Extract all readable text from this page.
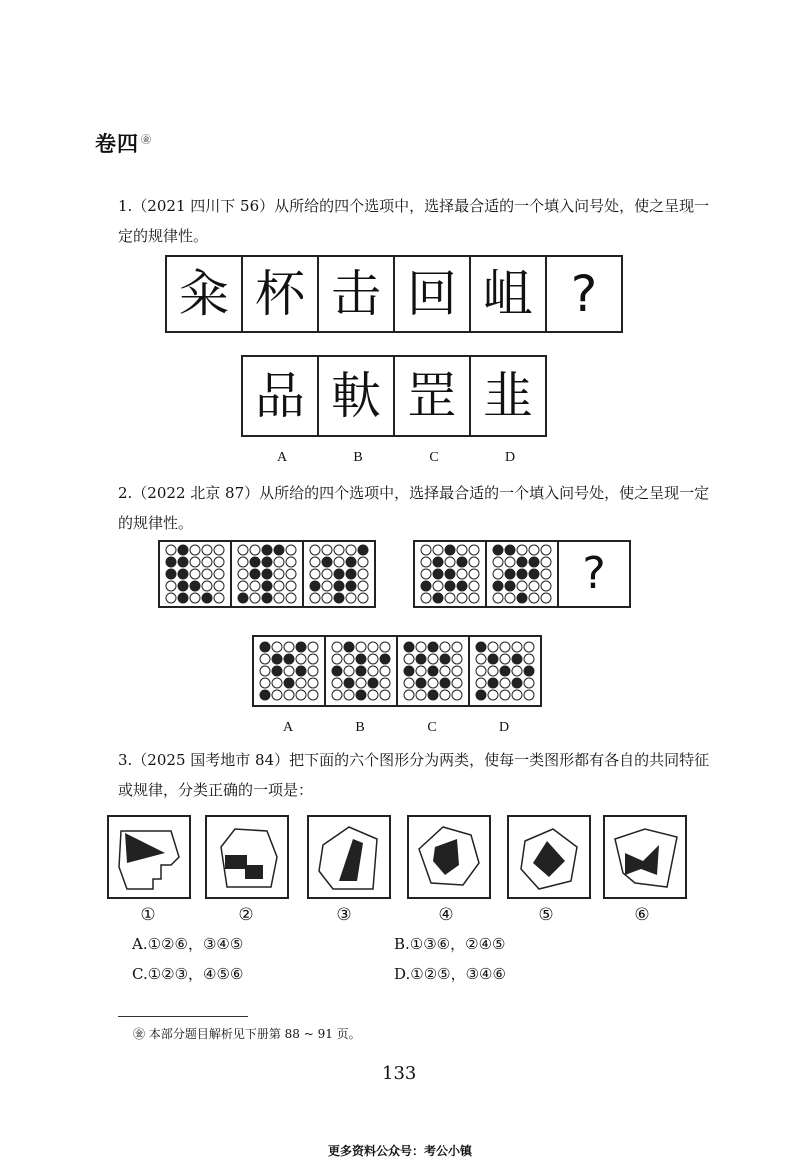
卷四 ㊎
1.（2021 四川下 56）从所给的四个选项中，选择最合适的一个填入问号处，使之呈现一定的规律性。
籴 杯 击 回 岨 ?
品 軑 罡 韭
A	B	C	D
2.（2022 北京 87）从所给的四个选项中，选择最合适的一个填入问号处，使之呈现一定的规律性。
?
A	B	C	D
3.（2025 国考地市 84）把下面的六个图形分为两类，使每一类图形都有各自的共同特征或规律，分类正确的一项是：
①	②	③	④	⑤	⑥
A.①②⑥，③④⑤	B.①③⑥，②④⑤
C.①②③，④⑤⑥	D.①②⑤，③④⑥
㊎ 本部分题目解析见下册第 88 ~ 91 页。
133
更多资料公众号：考公小镇
